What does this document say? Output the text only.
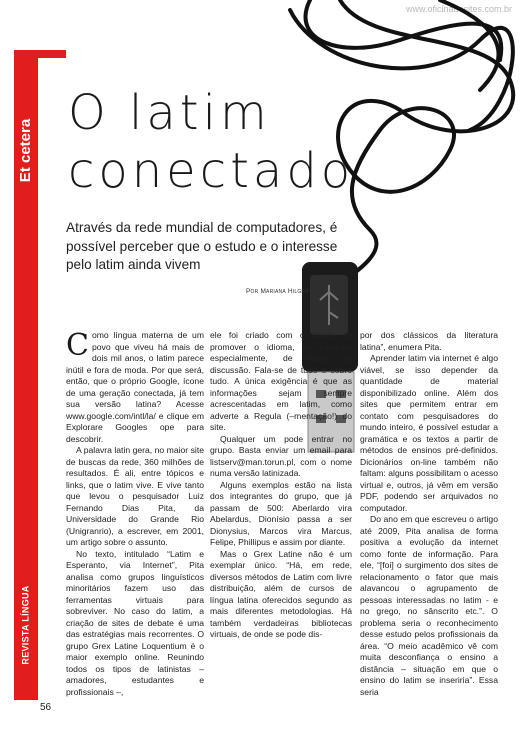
www.oficinadesites.com.br
Et cetera
REVISTA LÍNGUA
O latim
conectado

Através da rede mundial de computadores, é possível perceber que o estudo e o interesse pelo latim ainda vivem

Por Mariana Hilgert

Como língua materna de um povo que viveu há mais de dois mil anos, o latim parece inútil e fora de moda. Por que será, então, que o próprio Google, ícone de uma geração conectada, já tem sua versão latina? Acesse www.google.com/intl/la/ e clique em Explorare Googles ope para descobrir.

A palavra latin gera, no maior site de buscas da rede, 360 milhões de resultados. É ali, entre tópicos e links, que o latim vive. E vive tanto que levou o pesquisador Luiz Fernando Dias Pita, da Universidade do Grande Rio (Unigranrio), a escrever, em 2001, um artigo sobre o assunto.

No texto, intitulado “Latim e Esperanto, via Internet”, Pita analisa como grupos linguísticos minoritários fazem uso das ferramentas virtuais para sobreviver. No caso do latim, a criação de sites de debate é uma das estratégias mais recorrentes. O grupo Grex Latine Loquentium é o maior exemplo online. Reunindo todos os tipos de latinistas – amadores, estudantes e profissionais –,

ele foi criado com o intuito de promover o idioma, se valendo, especialmente, de listas de discussão. Fala-se de tudo e sobre tudo. A única exigência é que as informações sejam sempre acrescentadas em latim, como adverte a Regula (–mentação!) do site.

Qualquer um pode entrar no grupo. Basta enviar um email para listserv@man.torun.pl, com o nome numa versão latinizada.

Alguns exemplos estão na lista dos integrantes do grupo, que já passam de 500: Aberlardo vira Abelardus, Dionísio passa a ser Dionysius, Marcos vira Marcus, Felipe, Phillipus e assim por diante.

Mas o Grex Latine não é um exemplar único. “Há, em rede, diversos métodos de Latim com livre distribuição, além de cursos de língua latina oferecidos segundo as mais diferentes metodologias. Há também verdadeiras bibliotecas virtuais, de onde se pode dis-

por dos clássicos da literatura latina”, enumera Pita.

Aprender latim via internet é algo viável, se isso depender da quantidade de material disponibilizado online. Além dos sites que permitem entrar em contato com pesquisadores do mundo inteiro, é possível estudar a gramática e os textos a partir de métodos de ensinos pré-definidos. Dicionários on-line também não faltam: alguns possibilitam o acesso virtual e, outros, já vêm em versão PDF, podendo ser arquivados no computador.

Do ano em que escreveu o artigo até 2009, Pita analisa de forma positiva a evolução da internet como fonte de informação. Para ele, “[foi] o surgimento dos sites de relacionamento o fator que mais alavancou o agrupamento de pessoas interessadas no latim - e no grego, no sânscrito etc.”. O problema seria o reconhecimento desse estudo pelos profissionais da área. “O meio acadêmico vê com muita desconfiança o ensino a distância – situação em que o ensino do latim se inseriria”. Essa seria

56
